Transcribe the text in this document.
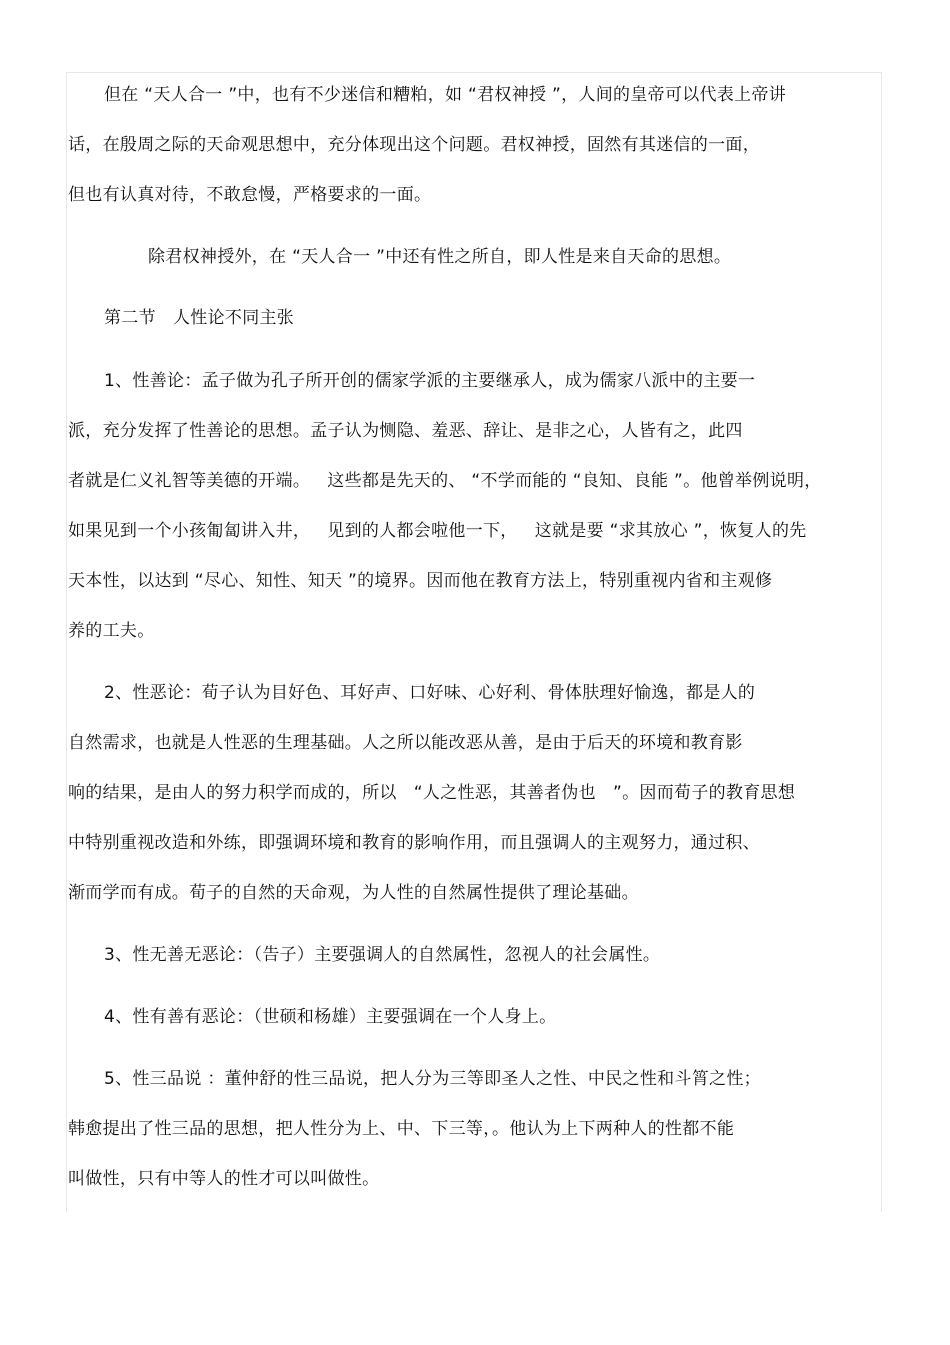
但在 “天人合一 ”中，也有不少迷信和糟粕，如 “君权神授 ”，人间的皇帝可以代表上帝讲
话，在殷周之际的天命观思想中，充分体现出这个问题。君权神授，固然有其迷信的一面，
但也有认真对待，不敢怠慢，严格要求的一面。
除君权神授外，在 “天人合一 ”中还有性之所自，即人性是来自天命的思想。
第二节   人性论不同主张
1、性善论：孟子做为孔子所开创的儒家学派的主要继承人，成为儒家八派中的主要一
派，充分发挥了性善论的思想。孟子认为恻隐、羞恶、辞让、是非之心，人皆有之，此四
者就是仁义礼智等美德的开端。   这些都是先天的、 “不学而能的 “良知、良能 ”。他曾举例说明，
如果见到一个小孩匍匐讲入井，   见到的人都会啦他一下，   这就是要 “求其放心 ”，恢复人的先
天本性，以达到 “尽心、知性、知天 ”的境界。因而他在教育方法上，特别重视内省和主观修
养的工夫。
2、性恶论：荀子认为目好色、耳好声、口好味、心好利、骨体肤理好愉逸，都是人的
自然需求，也就是人性恶的生理基础。人之所以能改恶从善，是由于后天的环境和教育影
响的结果，是由人的努力积学而成的，所以   “人之性恶，其善者伪也   ”。因而荀子的教育思想
中特别重视改造和外练，即强调环境和教育的影响作用，而且强调人的主观努力，通过积、
渐而学而有成。荀子的自然的天命观，为人性的自然属性提供了理论基础。
3、性无善无恶论：（告子）主要强调人的自然属性，忽视人的社会属性。
4、性有善有恶论：（世硕和杨雄）主要强调在一个人身上。
5、性三品说 ：董仲舒的性三品说，把人分为三等即圣人之性、中民之性和斗筲之性；
韩愈提出了性三品的思想，把人性分为上、中、下三等，。他认为上下两种人的性都不能
叫做性，只有中等人的性才可以叫做性。
